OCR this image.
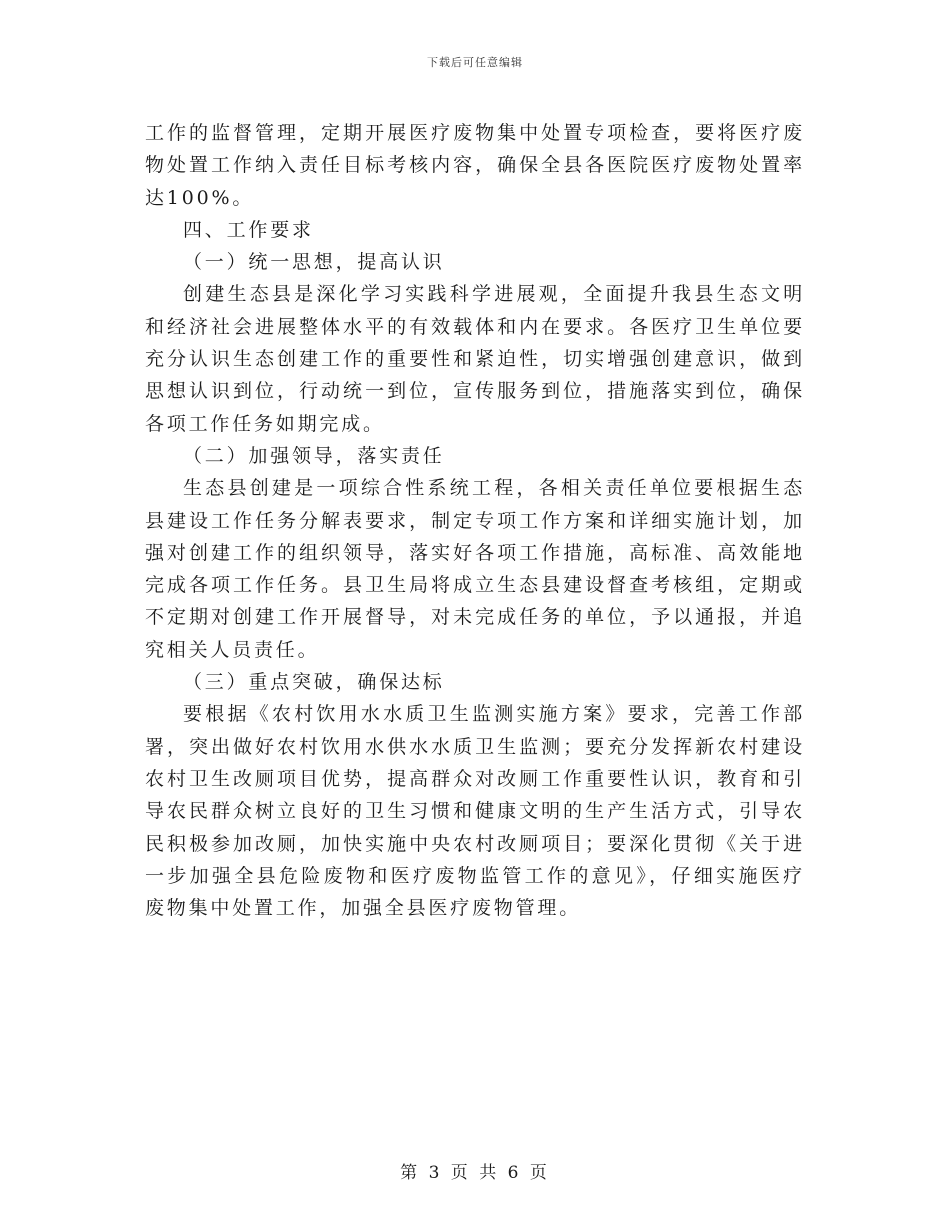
下载后可任意编辑

工作的监督管理，定期开展医疗废物集中处置专项检查，要将医疗废物处置工作纳入责任目标考核内容，确保全县各医院医疗废物处置率达100%。

四、工作要求

（一）统一思想，提高认识

创建生态县是深化学习实践科学进展观，全面提升我县生态文明和经济社会进展整体水平的有效载体和内在要求。各医疗卫生单位要充分认识生态创建工作的重要性和紧迫性，切实增强创建意识，做到思想认识到位，行动统一到位，宣传服务到位，措施落实到位，确保各项工作任务如期完成。

（二）加强领导，落实责任

生态县创建是一项综合性系统工程，各相关责任单位要根据生态县建设工作任务分解表要求，制定专项工作方案和详细实施计划，加强对创建工作的组织领导，落实好各项工作措施，高标准、高效能地完成各项工作任务。县卫生局将成立生态县建设督查考核组，定期或不定期对创建工作开展督导，对未完成任务的单位，予以通报，并追究相关人员责任。

（三）重点突破，确保达标

要根据《农村饮用水水质卫生监测实施方案》要求，完善工作部署，突出做好农村饮用水供水水质卫生监测；要充分发挥新农村建设农村卫生改厕项目优势，提高群众对改厕工作重要性认识，教育和引导农民群众树立良好的卫生习惯和健康文明的生产生活方式，引导农民积极参加改厕，加快实施中央农村改厕项目；要深化贯彻《关于进一步加强全县危险废物和医疗废物监管工作的意见》，仔细实施医疗废物集中处置工作，加强全县医疗废物管理。

第 3 页 共 6 页
